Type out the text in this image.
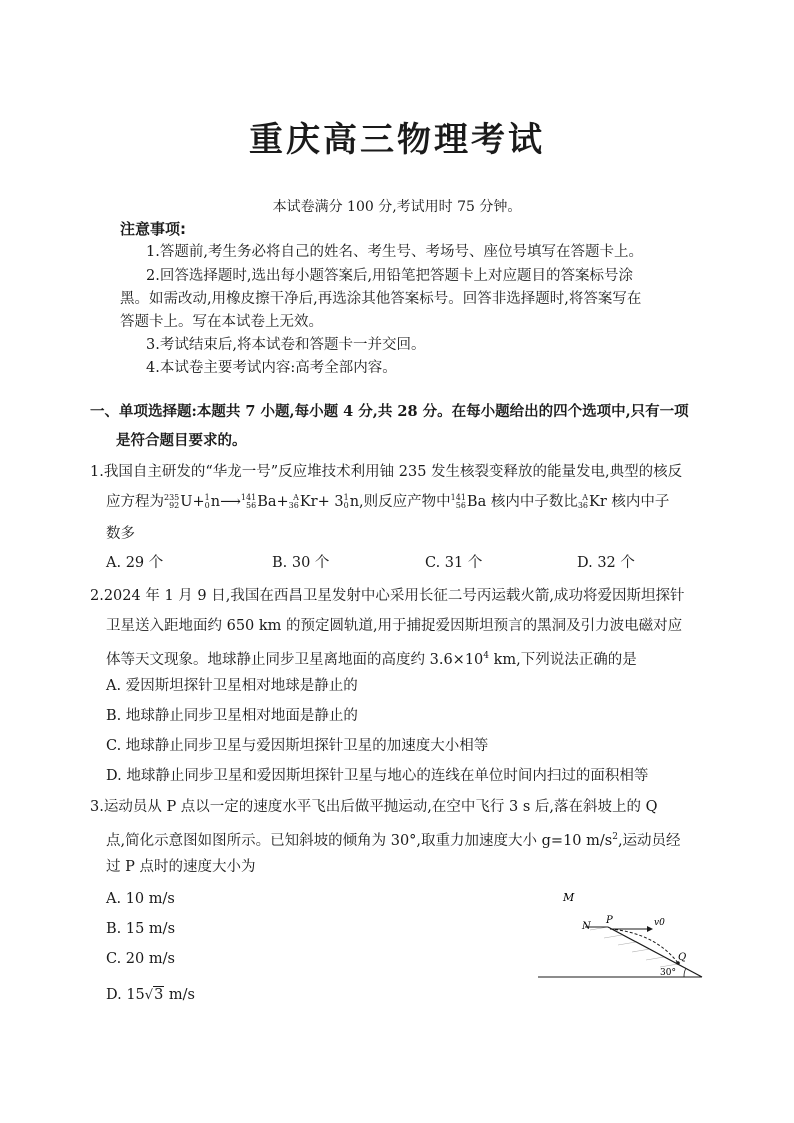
重庆高三物理考试
本试卷满分 100 分,考试用时 75 分钟。
注意事项:
1.答题前,考生务必将自己的姓名、考生号、考场号、座位号填写在答题卡上。
2.回答选择题时,选出每小题答案后,用铅笔把答题卡上对应题目的答案标号涂
黑。如需改动,用橡皮擦干净后,再选涂其他答案标号。回答非选择题时,将答案写在
答题卡上。写在本试卷上无效。
3.考试结束后,将本试卷和答题卡一并交回。
4.本试卷主要考试内容:高考全部内容。
一、单项选择题:本题共 7 小题,每小题 4 分,共 28 分。在每小题给出的四个选项中,只有一项
是符合题目要求的。
1.我国自主研发的“华龙一号”反应堆技术利用铀 235 发生核裂变释放的能量发电,典型的核反
应方程为 235
92 U + 1
0 n ⟶ 141
56 Ba + A
36 Kr + 3 1
0 n ,则反应产物中 141
56 Ba 核内中子数比 A
36 Kr 核内中子
数多
A. 29 个	B. 30 个	C. 31 个	D. 32 个
2.2024 年 1 月 9 日,我国在西昌卫星发射中心采用长征二号丙运载火箭,成功将爱因斯坦探针
卫星送入距地面约 650 km 的预定圆轨道,用于捕捉爱因斯坦预言的黑洞及引力波电磁对应
体等天文现象。地球静止同步卫星离地面的高度约 $3.6\times 10^4$ km,下列说法正确的是
A. 爱因斯坦探针卫星相对地球是静止的
B. 地球静止同步卫星相对地面是静止的
C. 地球静止同步卫星与爱因斯坦探针卫星的加速度大小相等
D. 地球静止同步卫星和爱因斯坦探针卫星与地心的连线在单位时间内扫过的面积相等
3.运动员从 P 点以一定的速度水平飞出后做平抛运动,在空中飞行 3 s 后,落在斜坡上的 Q
点,简化示意图如图所示。已知斜坡的倾角为 30°,取重力加速度大小 g=10 $m/s^2$,运动员经
过 P 点时的速度大小为
A. 10 m/s
B. 15 m/s
C. 20 m/s
D. 15√3 m/s
M
N
P	v0
Q
30°
